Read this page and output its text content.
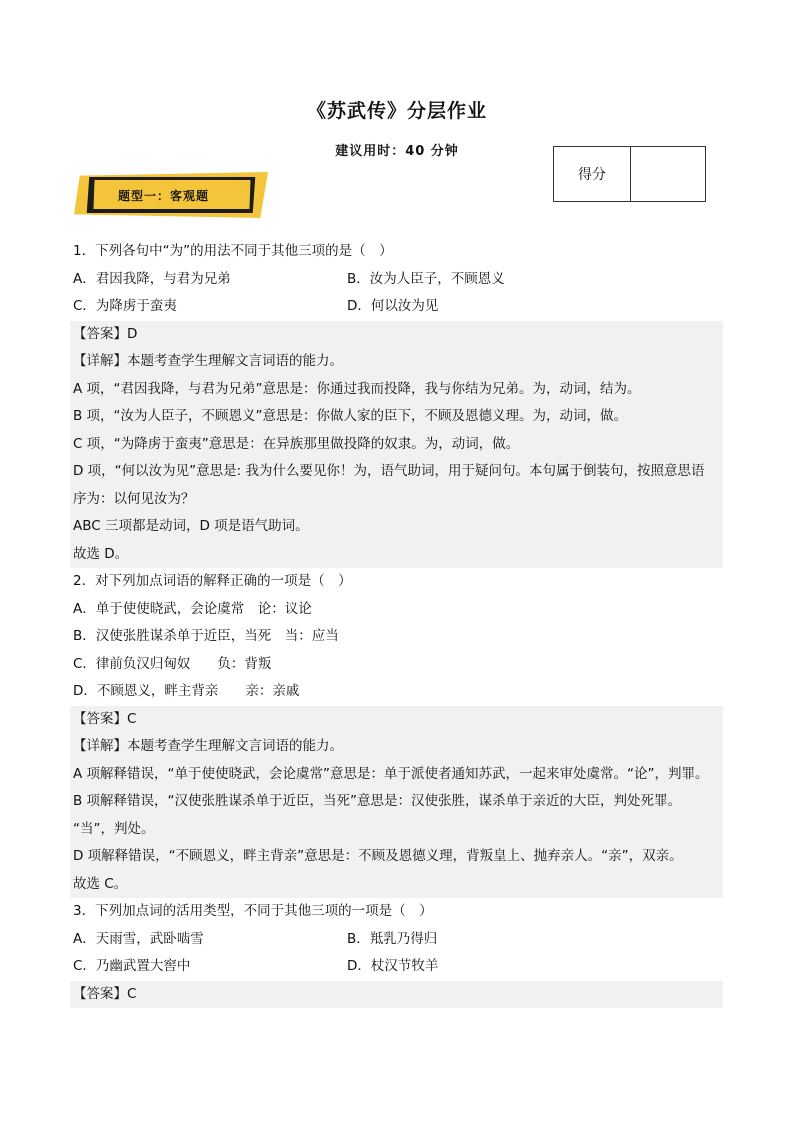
《苏武传》分层作业
建议用时：40 分钟
得分
题型一：客观题
1．下列各句中“为”的用法不同于其他三项的是（　）
A．君因我降，与君为兄弟	B．汝为人臣子，不顾恩义
C．为降虏于蛮夷	D．何以汝为见
【答案】D
【详解】本题考查学生理解文言词语的能力。
A 项，“君因我降，与君为兄弟”意思是：你通过我而投降，我与你结为兄弟。为，动词，结为。
B 项，“汝为人臣子，不顾恩义”意思是：你做人家的臣下，不顾及恩德义理。为，动词，做。
C 项，“为降虏于蛮夷”意思是：在异族那里做投降的奴隶。为，动词，做。
D 项，“何以汝为见”意思是: 我为什么要见你！为，语气助词，用于疑问句。本句属于倒装句，按照意思语
序为：以何见汝为？
ABC 三项都是动词，D 项是语气助词。
故选 D。
2．对下列加点词语的解释正确的一项是（　）
A．单于使使晓武，会论虞常　论：议论
B．汉使张胜谋杀单于近臣，当死　当：应当
C．律前负汉归匈奴　　负：背叛
D．不顾恩义，畔主背亲　　亲：亲戚
【答案】C
【详解】本题考查学生理解文言词语的能力。
A 项解释错误，“单于使使晓武，会论虞常”意思是：单于派使者通知苏武，一起来审处虞常。“论”，判罪。
B 项解释错误，“汉使张胜谋杀单于近臣，当死”意思是：汉使张胜，谋杀单于亲近的大臣，判处死罪。
“当”，判处。
D 项解释错误，“不顾恩义，畔主背亲”意思是：不顾及恩德义理，背叛皇上、抛弃亲人。“亲”，双亲。
故选 C。
3．下列加点词的活用类型，不同于其他三项的一项是（　）
A．天雨雪，武卧啮雪	B．羝乳乃得归
C．乃幽武置大窖中	D．杖汉节牧羊
【答案】C
